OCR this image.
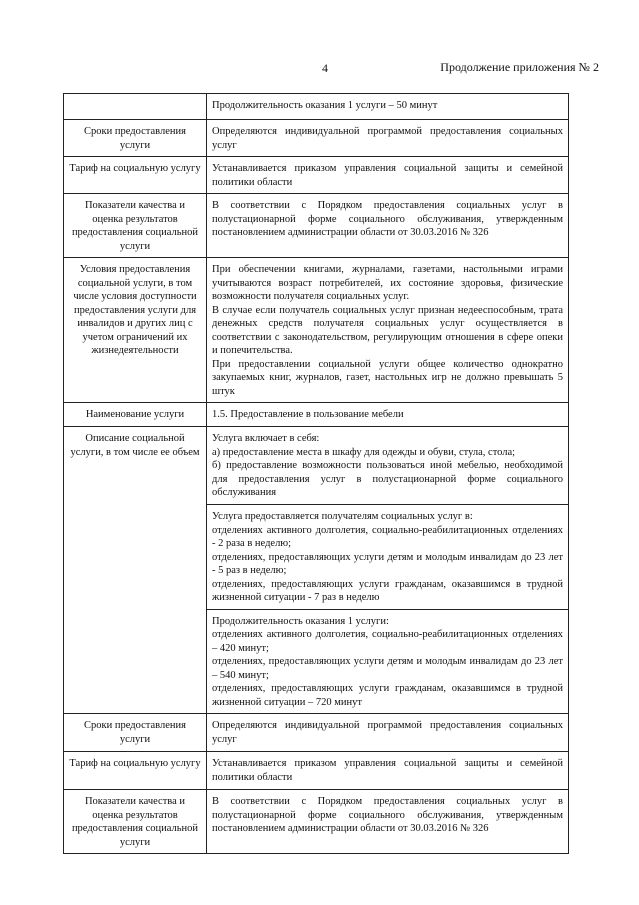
4	Продолжение приложения № 2

	Продолжительность оказания 1 услуги – 50 минут

Сроки предоставления услуги	Определяются индивидуальной программой предоставления социальных услуг

Тариф на социальную услугу	Устанавливается приказом управления социальной защиты и семейной политики области

Показатели качества и оценка результатов предоставления социальной услуги	В соответствии с Порядком предоставления социальных услуг в полустационарной форме социального обслуживания, утвержденным постановлением администрации области от 30.03.2016 № 326

Условия предоставления социальной услуги, в том числе условия доступности предоставления услуги для инвалидов и других лиц с учетом ограничений их жизнедеятельности	При обеспечении книгами, журналами, газетами, настольными играми учитываются возраст потребителей, их состояние здоровья, физические возможности получателя социальных услуг.

В случае если получатель социальных услуг признан недееспособным, трата денежных средств получателя социальных услуг осуществляется в соответствии с законодательством, регулирующим отношения в сфере опеки и попечительства.

При предоставлении социальной услуги общее количество однократно закупаемых книг, журналов, газет, настольных игр не должно превышать 5 штук

Наименование услуги	1.5. Предоставление в пользование мебели

Описание социальной услуги, в том числе ее объем	Услуга включает в себя:

а) предоставление места в шкафу для одежды и обуви, стула, стола;

б) предоставление возможности пользоваться иной мебелью, необходимой для предоставления услуг в полустационарной форме социального обслуживания

	Услуга предоставляется получателям социальных услуг в:

отделениях активного долголетия, социально-реабилитационных отделениях - 2 раза в неделю;

отделениях, предоставляющих услуги детям и молодым инвалидам до 23 лет - 5 раз в неделю;

отделениях, предоставляющих услуги гражданам, оказавшимся в трудной жизненной ситуации - 7 раз в неделю

	Продолжительность оказания 1 услуги:

отделениях активного долголетия, социально-реабилитационных отделениях – 420 минут;

отделениях, предоставляющих услуги детям и молодым инвалидам до 23 лет – 540 минут;

отделениях, предоставляющих услуги гражданам, оказавшимся в трудной жизненной ситуации – 720 минут

Сроки предоставления услуги	Определяются индивидуальной программой предоставления социальных услуг

Тариф на социальную услугу	Устанавливается приказом управления социальной защиты и семейной политики области

Показатели качества и оценка результатов предоставления социальной услуги	В соответствии с Порядком предоставления социальных услуг в полустационарной форме социального обслуживания, утвержденным постановлением администрации области от 30.03.2016 № 326
